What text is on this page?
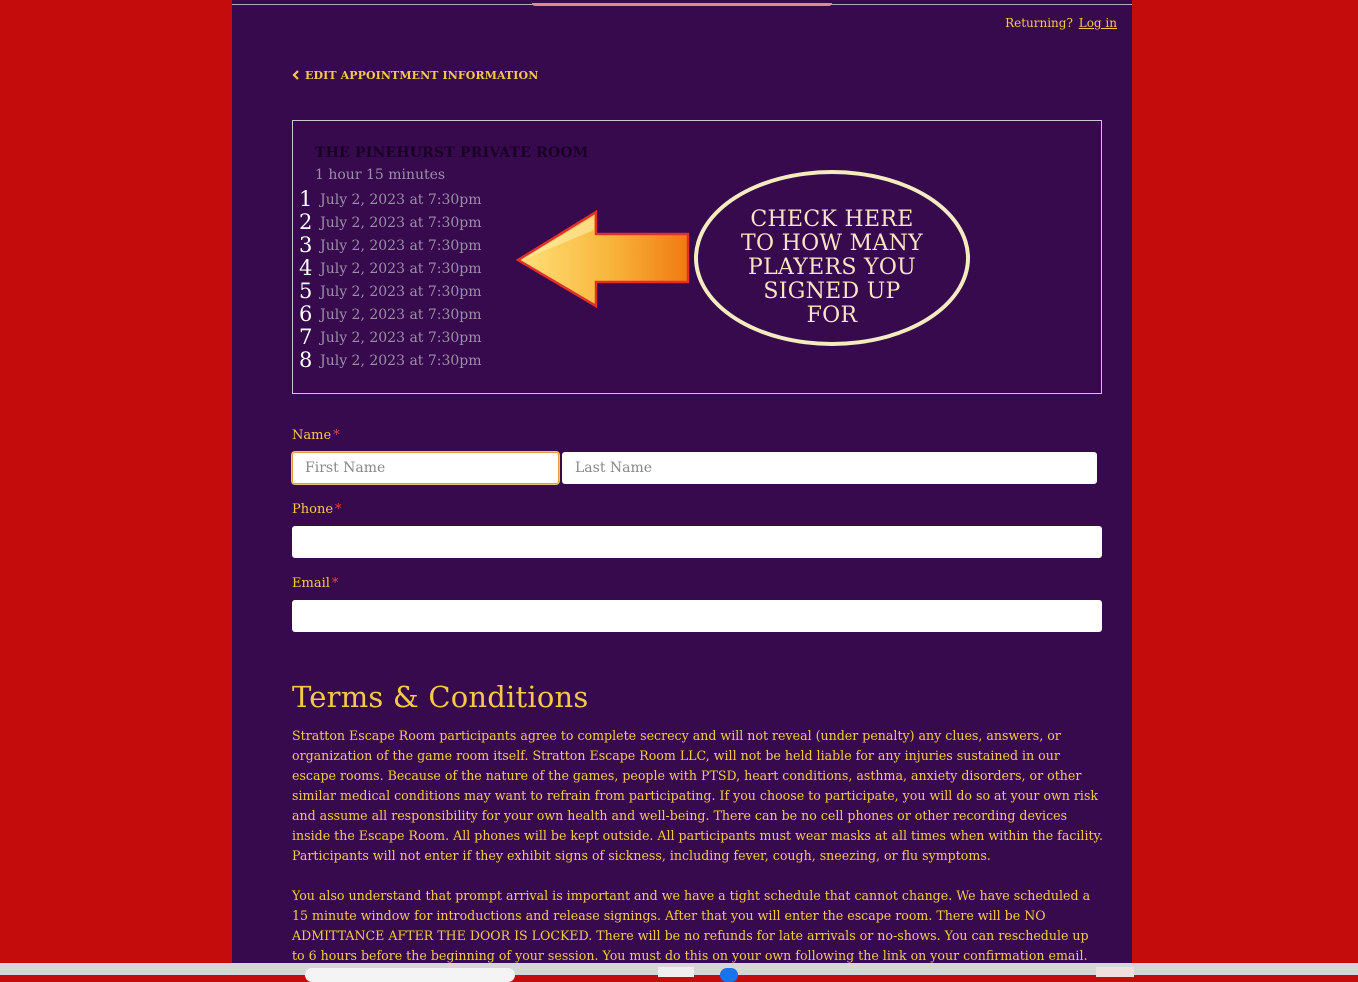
Returning? Log in
EDIT APPOINTMENT INFORMATION
THE PINEHURST PRIVATE ROOM
1 hour 15 minutes
1 July 2, 2023 at 7:30pm
2 July 2, 2023 at 7:30pm
3 July 2, 2023 at 7:30pm
4 July 2, 2023 at 7:30pm
5 July 2, 2023 at 7:30pm
6 July 2, 2023 at 7:30pm
7 July 2, 2023 at 7:30pm
8 July 2, 2023 at 7:30pm
CHECK HERE
TO HOW MANY
PLAYERS YOU
SIGNED UP
FOR
Name *
First Name
Last Name
Phone *
Email *
Terms & Conditions
Stratton Escape Room participants agree to complete secrecy and will not reveal (under penalty) any clues, answers, or organization of the game room itself. Stratton Escape Room LLC, will not be held liable for any injuries sustained in our escape rooms. Because of the nature of the games, people with PTSD, heart conditions, asthma, anxiety disorders, or other similar medical conditions may want to refrain from participating. If you choose to participate, you will do so at your own risk and assume all responsibility for your own health and well-being. There can be no cell phones or other recording devices inside the Escape Room. All phones will be kept outside. All participants must wear masks at all times when within the facility. Participants will not enter if they exhibit signs of sickness, including fever, cough, sneezing, or flu symptoms.
You also understand that prompt arrival is important and we have a tight schedule that cannot change. We have scheduled a 15 minute window for introductions and release signings. After that you will enter the escape room. There will be NO ADMITTANCE AFTER THE DOOR IS LOCKED. There will be no refunds for late arrivals or no-shows. You can reschedule up to 6 hours before the beginning of your session. You must do this on your own following the link on your confirmation email.
